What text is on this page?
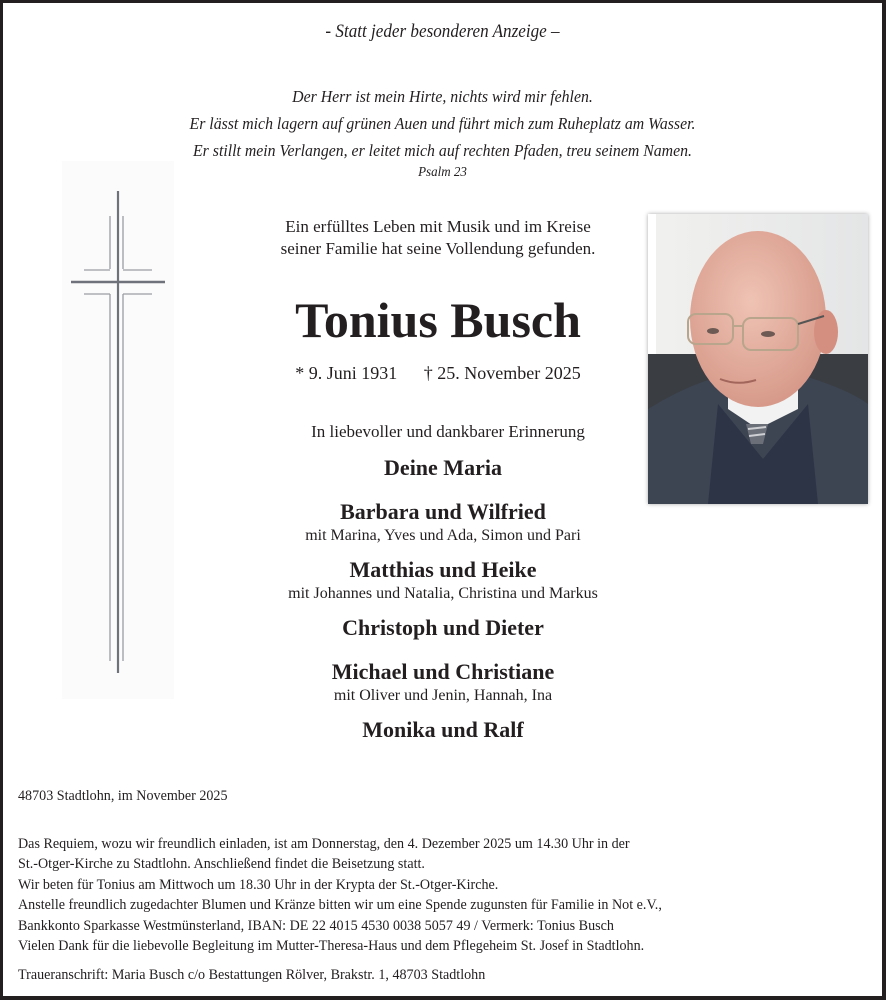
- Statt jeder besonderen Anzeige –
Der Herr ist mein Hirte, nichts wird mir fehlen.
Er lässt mich lagern auf grünen Auen und führt mich zum Ruheplatz am Wasser.
Er stillt mein Verlangen, er leitet mich auf rechten Pfaden, treu seinem Namen.
Psalm 23
Ein erfülltes Leben mit Musik und im Kreise
seiner Familie hat seine Vollendung gefunden.
Tonius Busch
* 9. Juni 1931 † 25. November 2025
In liebevoller und dankbarer Erinnerung
Deine Maria
Barbara und Wilfried
mit Marina, Yves und Ada, Simon und Pari
Matthias und Heike
mit Johannes und Natalia, Christina und Markus
Christoph und Dieter
Michael und Christiane
mit Oliver und Jenin, Hannah, Ina
Monika und Ralf
48703 Stadtlohn, im November 2025
Das Requiem, wozu wir freundlich einladen, ist am Donnerstag, den 4. Dezember 2025 um 14.30 Uhr in der
St.-Otger-Kirche zu Stadtlohn. Anschließend findet die Beisetzung statt.
Wir beten für Tonius am Mittwoch um 18.30 Uhr in der Krypta der St.-Otger-Kirche.
Anstelle freundlich zugedachter Blumen und Kränze bitten wir um eine Spende zugunsten für Familie in Not e.V.,
Bankkonto Sparkasse Westmünsterland, IBAN: DE 22 4015 4530 0038 5057 49 / Vermerk: Tonius Busch
Vielen Dank für die liebevolle Begleitung im Mutter-Theresa-Haus und dem Pflegeheim St. Josef in Stadtlohn.
Traueranschrift: Maria Busch c/o Bestattungen Rölver, Brakstr. 1, 48703 Stadtlohn
